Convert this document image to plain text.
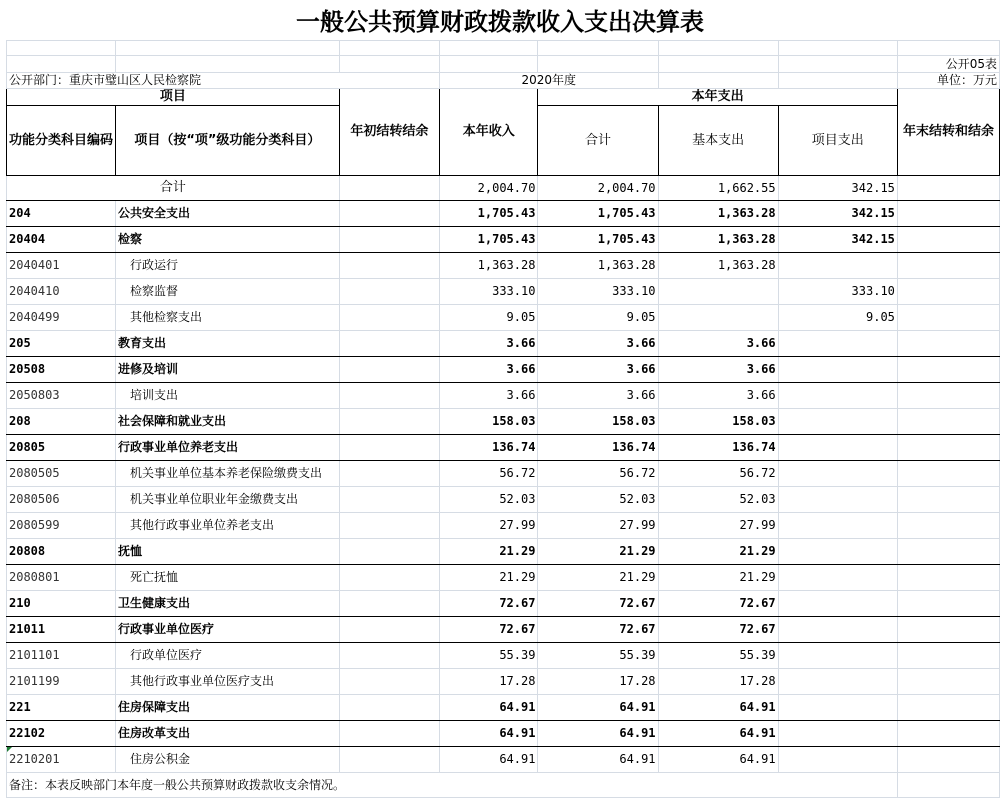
一般公共预算财政拨款收入支出决算表

							公开05表
公开部门：重庆市璧山区人民检察院			2020年度				单位：万元
项目		年初结转结余	本年收入	本年支出			年末结转和结余
功能分类科目编码	项目（按“项”级功能分类科目）			合计	基本支出	项目支出	
合计			2,004.70	2,004.70	1,662.55	342.15	
204	公共安全支出		1,705.43	1,705.43	1,363.28	342.15	
20404	检察		1,705.43	1,705.43	1,363.28	342.15	
2040401	行政运行		1,363.28	1,363.28	1,363.28		
2040410	检察监督		333.10	333.10		333.10	
2040499	其他检察支出		9.05	9.05		9.05	
205	教育支出		3.66	3.66	3.66		
20508	进修及培训		3.66	3.66	3.66		
2050803	培训支出		3.66	3.66	3.66		
208	社会保障和就业支出		158.03	158.03	158.03		
20805	行政事业单位养老支出		136.74	136.74	136.74		
2080505	机关事业单位基本养老保险缴费支出		56.72	56.72	56.72		
2080506	机关事业单位职业年金缴费支出		52.03	52.03	52.03		
2080599	其他行政事业单位养老支出		27.99	27.99	27.99		
20808	抚恤		21.29	21.29	21.29		
2080801	死亡抚恤		21.29	21.29	21.29		
210	卫生健康支出		72.67	72.67	72.67		
21011	行政事业单位医疗		72.67	72.67	72.67		
2101101	行政单位医疗		55.39	55.39	55.39		
2101199	其他行政事业单位医疗支出		17.28	17.28	17.28		
221	住房保障支出		64.91	64.91	64.91		
22102	住房改革支出		64.91	64.91	64.91		
2210201	住房公积金		64.91	64.91	64.91		
备注：本表反映部门本年度一般公共预算财政拨款收支余情况。							
